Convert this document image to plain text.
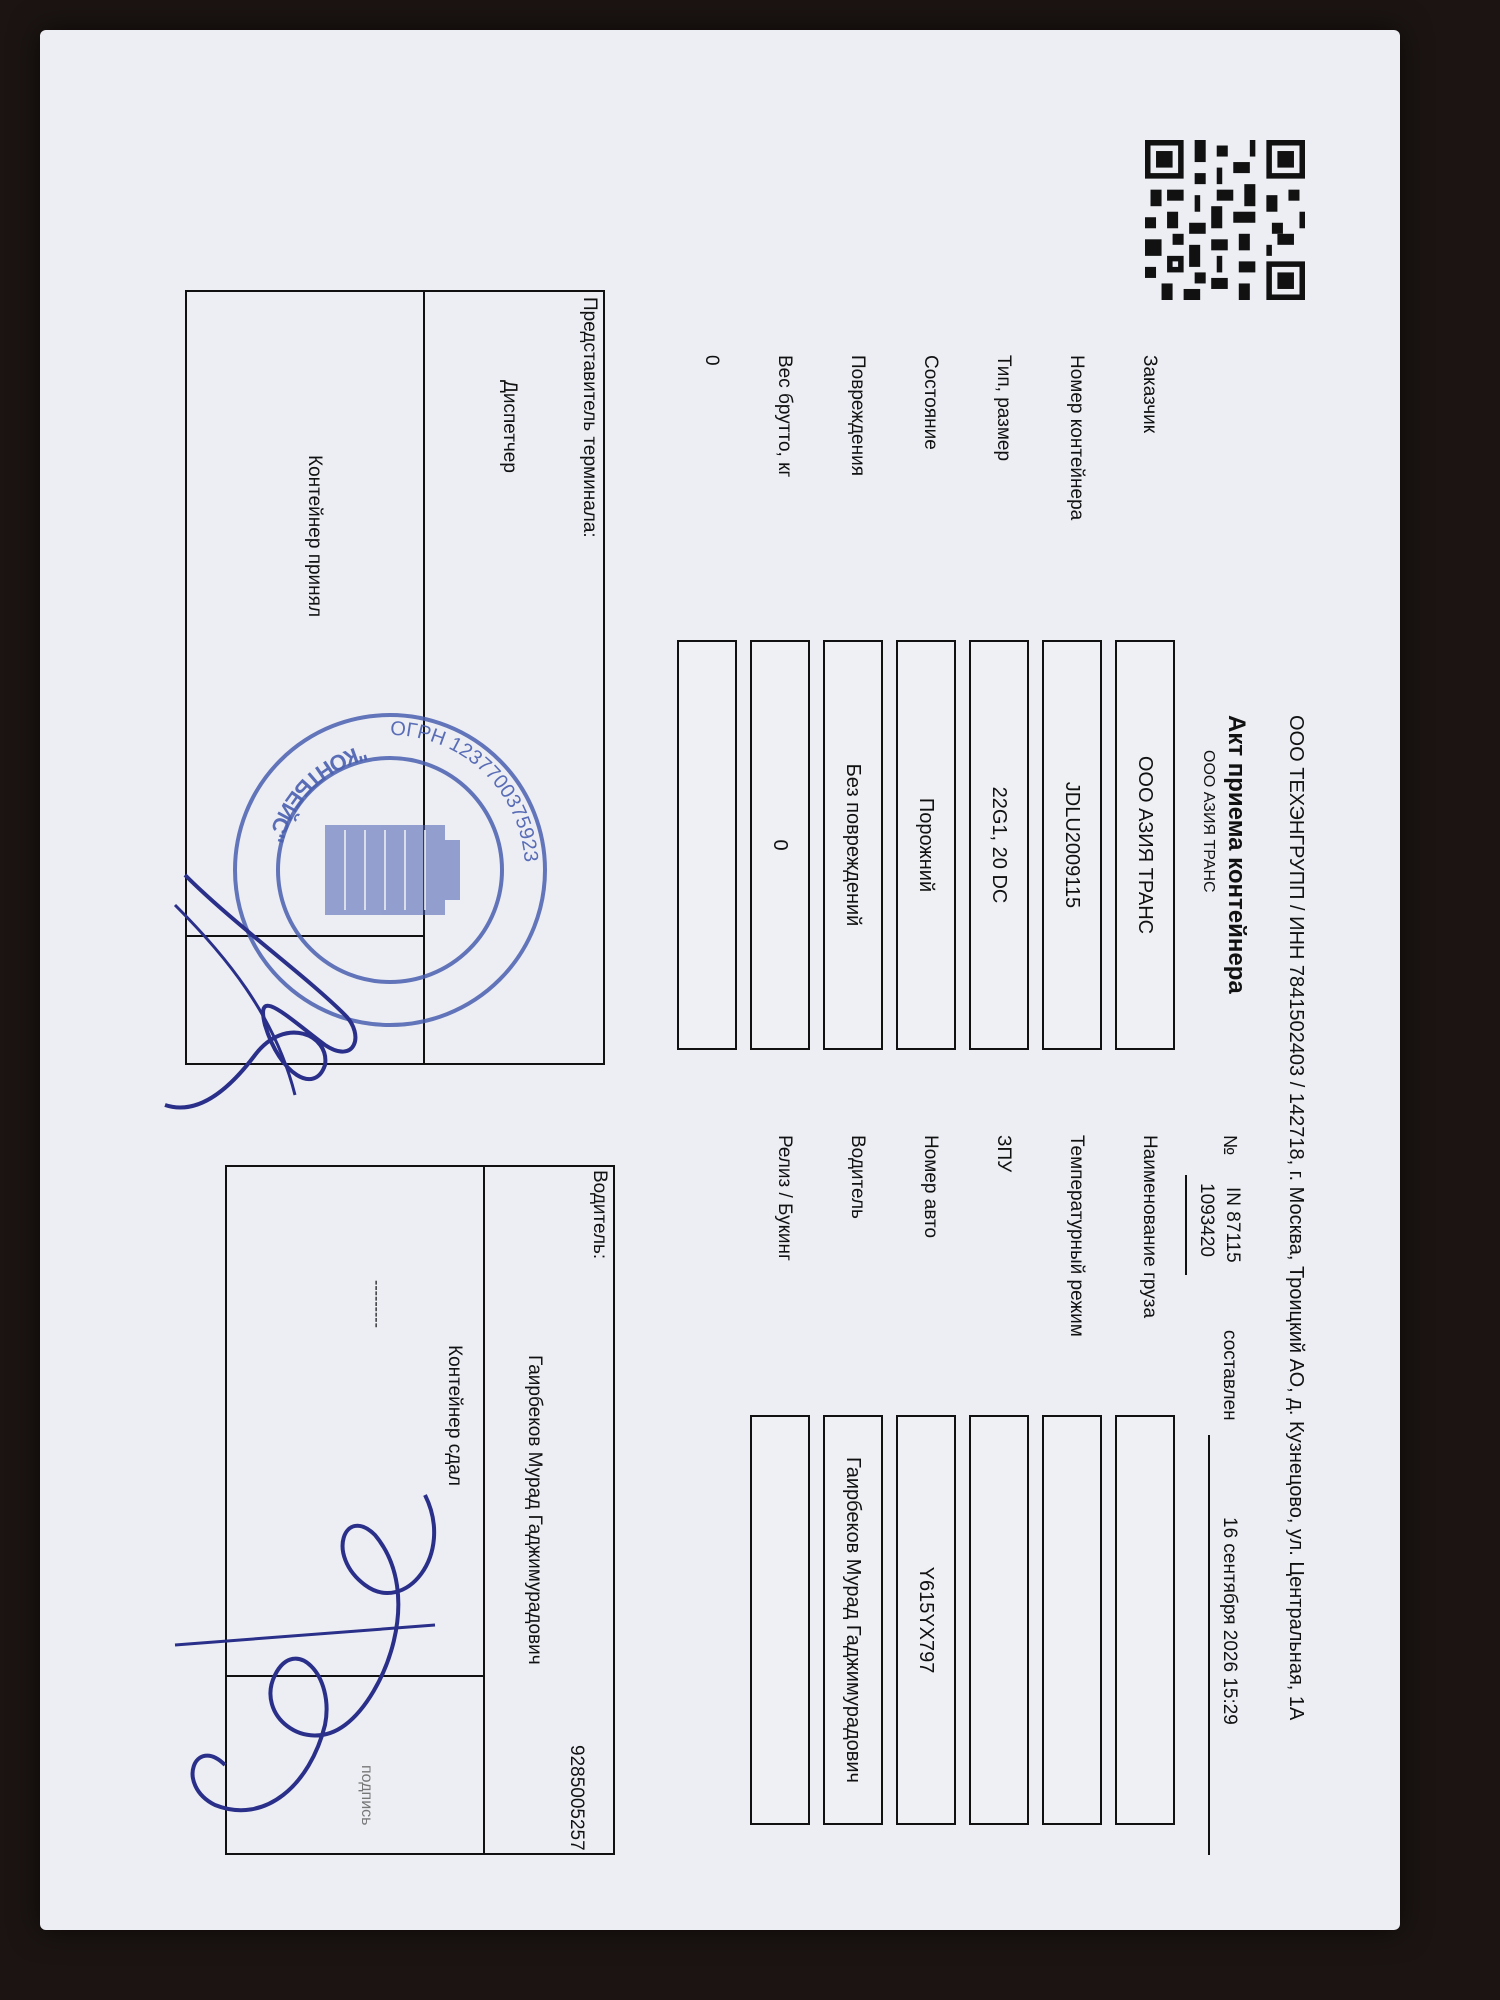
ООО ТЕХЭНГРУПП / ИНН 7841502403 / 142718, г. Москва, Троицкий АО, д. Кузнецово, ул. Центральная, 1А
Акт приема контейнера
ООО АЗИЯ ТРАНС
№
IN 87115
1093420
составлен
16 сентября 2026 15:29
Заказчик
Номер контейнера
Тип, размер
Состояние
Повреждения
Вес брутто, кг
0
ООО АЗИЯ ТРАНС
JDLU2009115
22G1, 20 DC
Порожний
Без повреждений
0
Наименование груза
Температурный режим
ЗПУ
Номер авто
Водитель
Релиз / Букинг
Y615YX797
Гаирбеков Мурад Гаджимурадович
Представитель терминала:
Диспетчер
Контейнер принял
Водитель:
9285005257
Гаирбеков Мурад Гаджимурадович
Контейнер сдал
---------
подпись
ОГРН 1237700375923
"КОНТБЕЙС"
